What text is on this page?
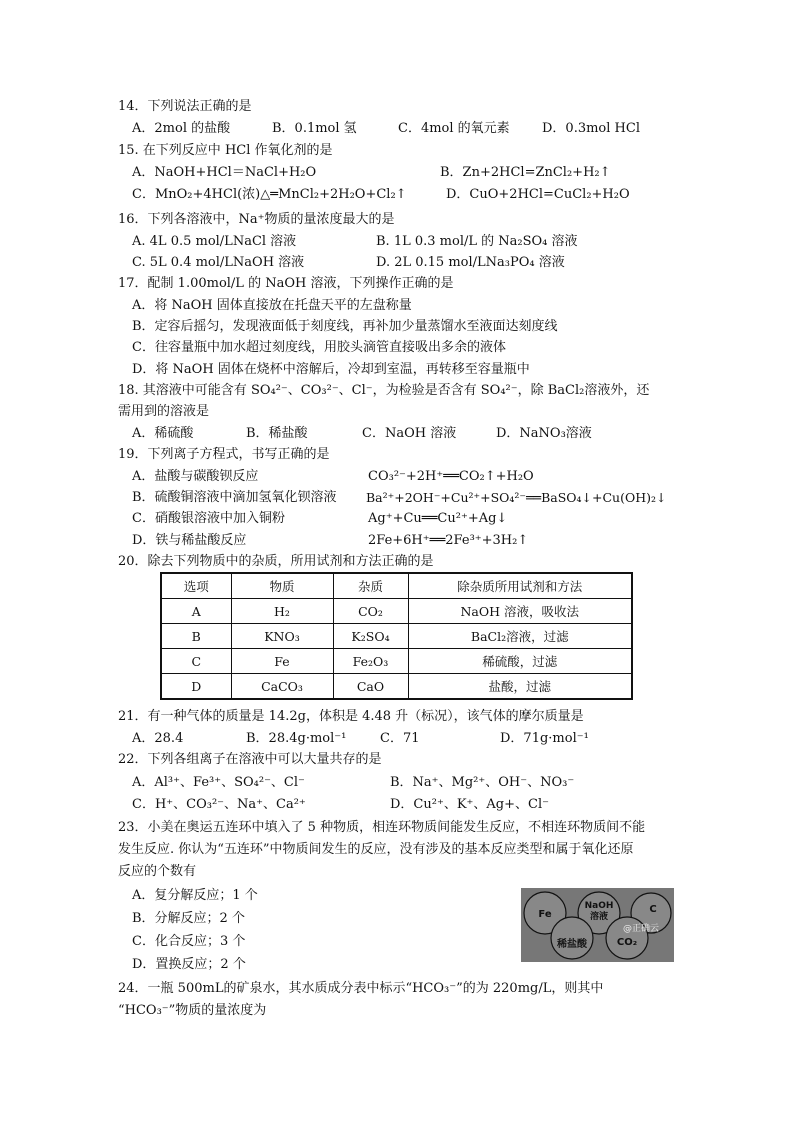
14．下列说法正确的是
A．2mol 的盐酸	B．0.1mol 氢	C．4mol 的氧元素 D．0.3mol HCl
15. 在下列反应中 HCl 作氧化剂的是
A．NaOH+HCl＝NaCl+H₂O	B．Zn+2HCl=ZnCl₂+H₂↑
C．MnO₂+4HCl(浓)△═MnCl₂+2H₂O+Cl₂↑	D．CuO+2HCl=CuCl₂+H₂O
16．下列各溶液中，Na⁺物质的量浓度最大的是
A. 4L 0.5 mol/LNaCl 溶液	B. 1L 0.3 mol/L 的 Na₂SO₄ 溶液
C. 5L 0.4 mol/LNaOH 溶液	D. 2L 0.15 mol/LNa₃PO₄ 溶液
17．配制 1.00mol/L 的 NaOH 溶液，下列操作正确的是
A．将 NaOH 固体直接放在托盘天平的左盘称量
B．定容后摇匀，发现液面低于刻度线，再补加少量蒸馏水至液面达刻度线
C．往容量瓶中加水超过刻度线，用胶头滴管直接吸出多余的液体
D．将 NaOH 固体在烧杯中溶解后，冷却到室温，再转移至容量瓶中
18. 其溶液中可能含有 SO₄²⁻、CO₃²⁻、Cl⁻，为检验是否含有 SO₄²⁻，除 BaCl₂溶液外，还
需用到的溶液是
A．稀硫酸	B．稀盐酸	C．NaOH 溶液	D．NaNO₃溶液
19．下列离子方程式，书写正确的是
A．盐酸与碳酸钡反应	CO₃²⁻+2H⁺══CO₂↑+H₂O
B．硫酸铜溶液中滴加氢氧化钡溶液 Ba²⁺+2OH⁻+Cu²⁺+SO₄²⁻══BaSO₄↓+Cu(OH)₂↓
C．硝酸银溶液中加入铜粉	Ag⁺+Cu══Cu²⁺+Ag↓
D．铁与稀盐酸反应	2Fe+6H⁺══2Fe³⁺+3H₂↑
20．除去下列物质中的杂质，所用试剂和方法正确的是
选项	物质	杂质	除杂质所用试剂和方法
A	H₂	CO₂	NaOH 溶液，吸收法
B	KNO₃	K₂SO₄	BaCl₂溶液，过滤
C	Fe	Fe₂O₃	稀硫酸，过滤
D	CaCO₃	CaO	盐酸，过滤
21．有一种气体的质量是 14.2g，体积是 4.48 升（标况），该气体的摩尔质量是
A．28.4	B．28.4g·mol⁻¹	C．71	D．71g·mol⁻¹
22．下列各组离子在溶液中可以大量共存的是
A．Al³⁺、Fe³⁺、SO₄²⁻、Cl⁻	B．Na⁺、Mg²⁺、OH⁻、NO₃⁻
C．H⁺、CO₃²⁻、Na⁺、Ca²⁺	D．Cu²⁺、K⁺、Ag+、Cl⁻
23．小美在奥运五连环中填入了 5 种物质，相连环物质间能发生反应，不相连环物质间不能
发生反应. 你认为“五连环”中物质间发生的反应，没有涉及的基本反应类型和属于氧化还原
反应的个数有
A．复分解反应；1 个
B．分解反应；2 个
C．化合反应；3 个
D．置换反应；2 个
Fe
NaOH
溶液
C
稀盐酸	CO₂
@正确云
24．一瓶 500mL的矿泉水，其水质成分表中标示“HCO₃⁻”的为 220mg/L，则其中
“HCO₃⁻”物质的量浓度为
